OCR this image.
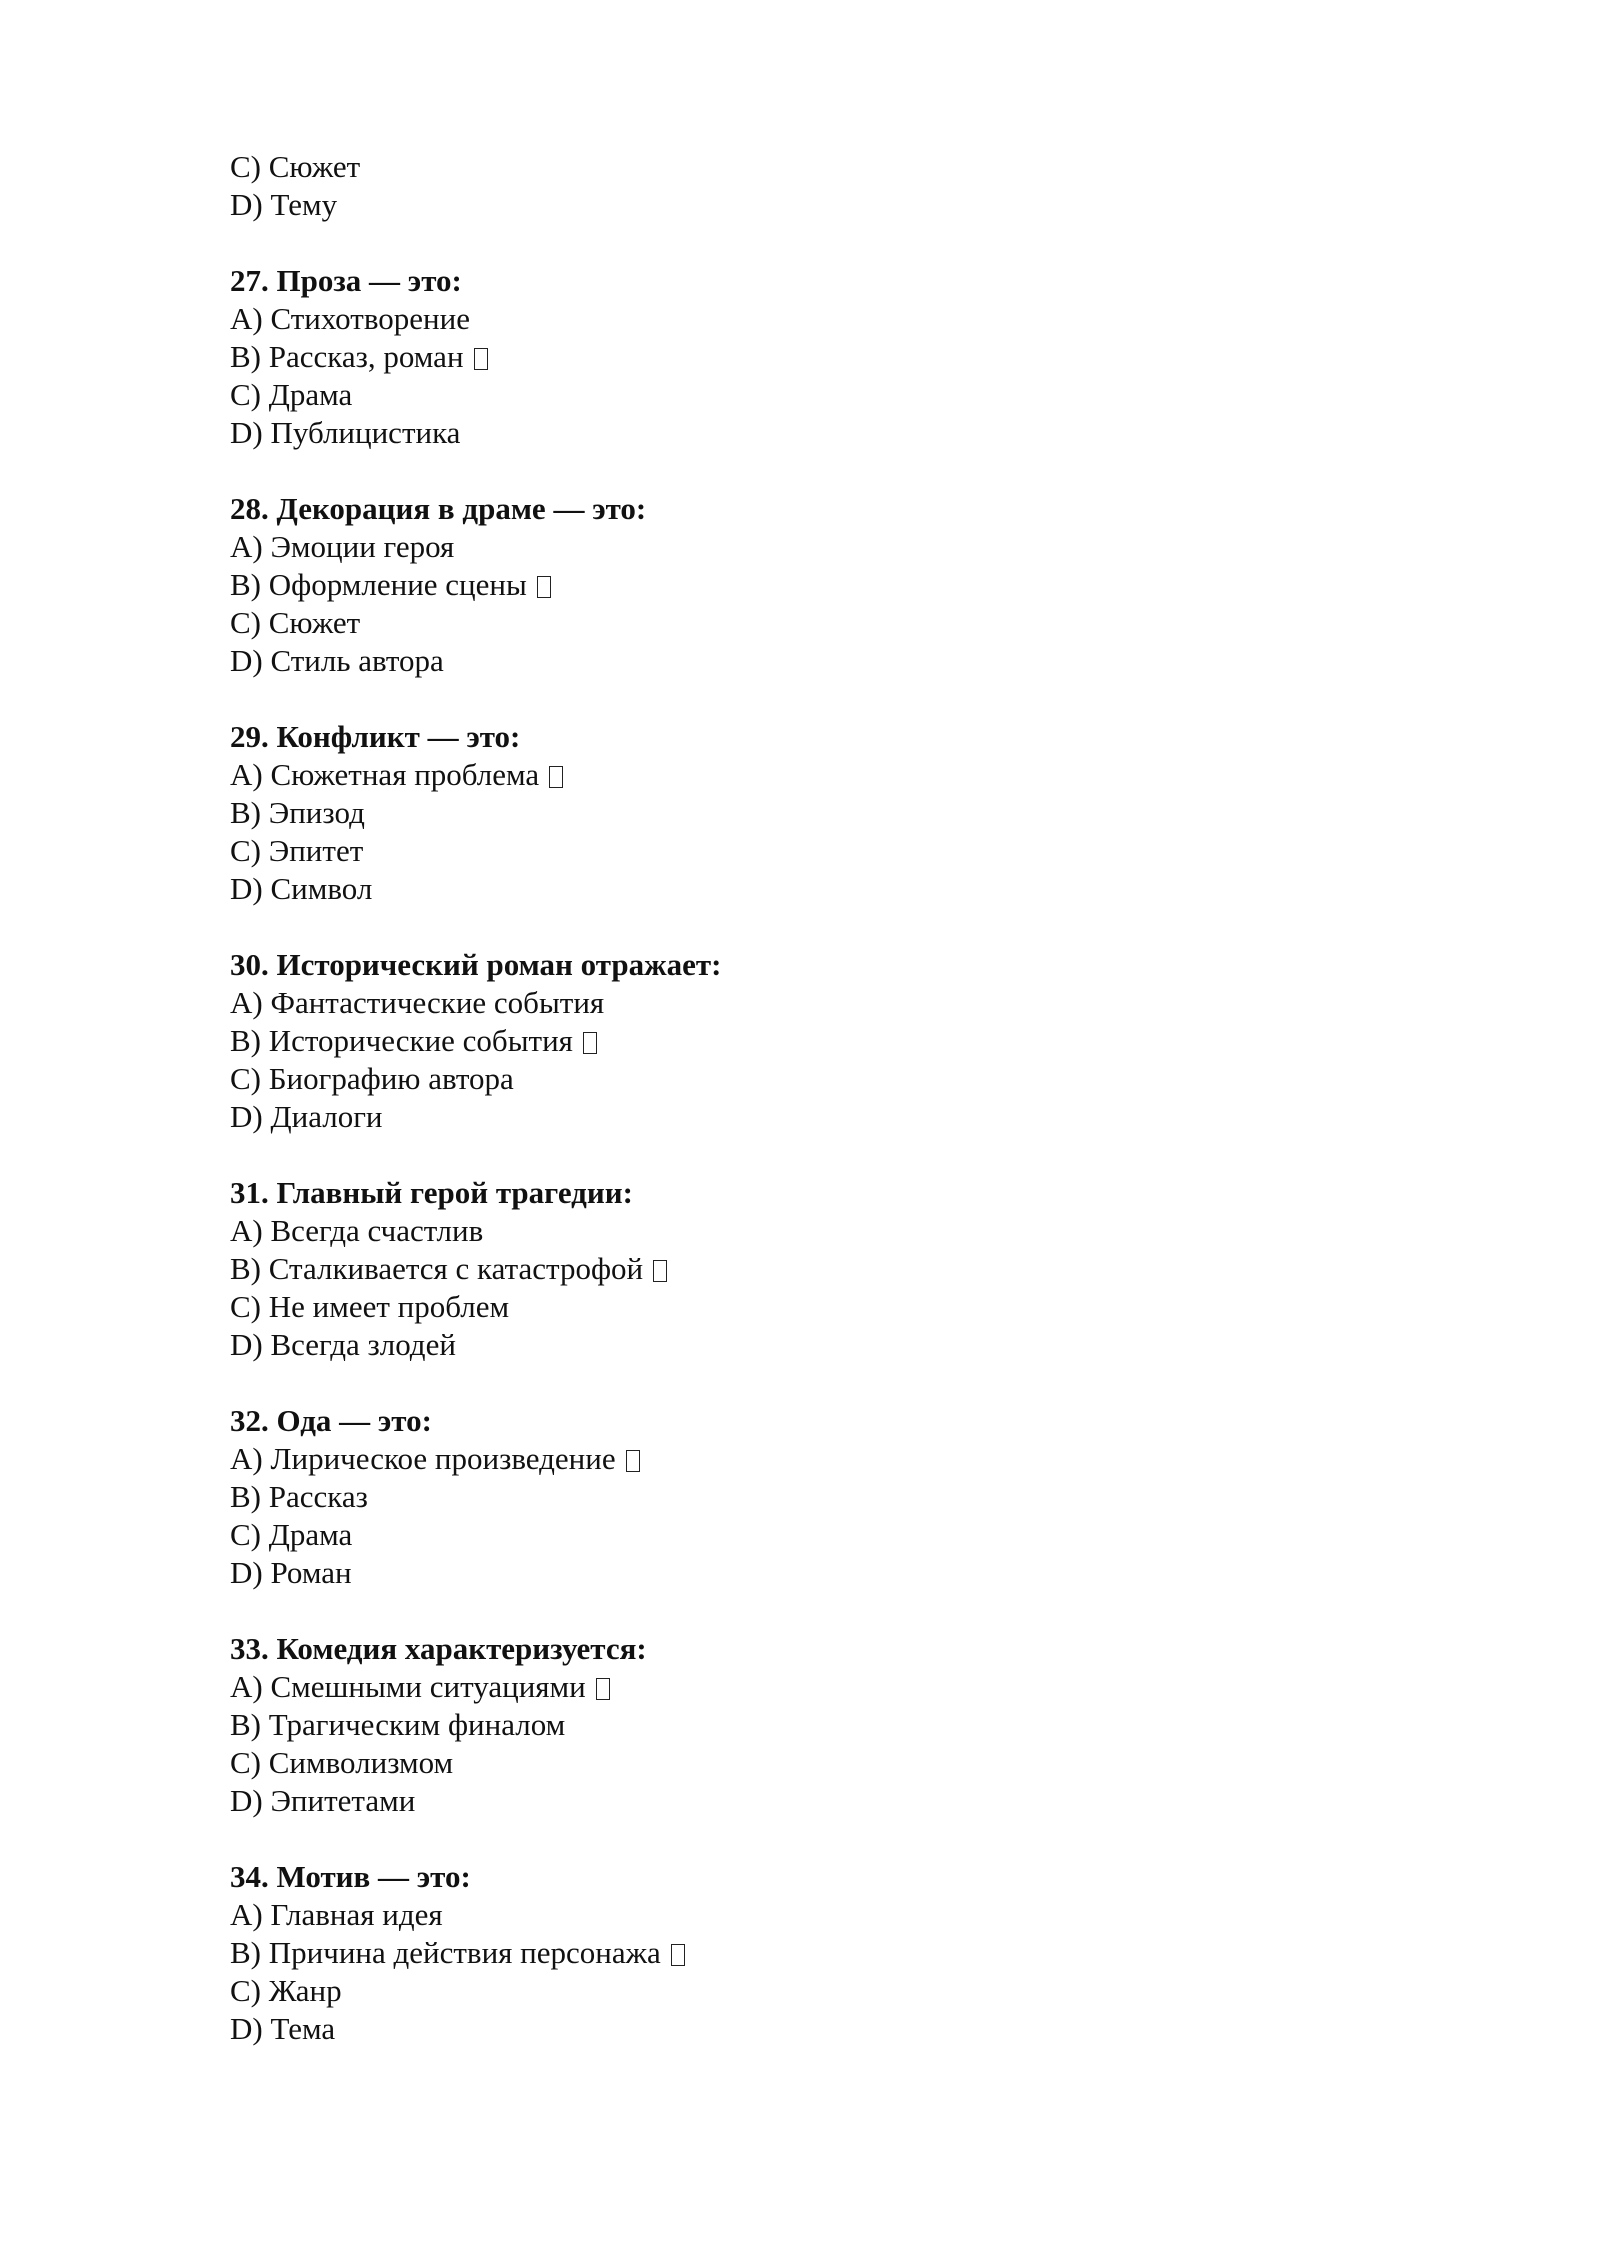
C) Сюжет
D) Тему
27. Проза — это:
A) Стихотворение
B) Рассказ, роман
C) Драма
D) Публицистика
28. Декорация в драме — это:
A) Эмоции героя
B) Оформление сцены
C) Сюжет
D) Стиль автора
29. Конфликт — это:
A) Сюжетная проблема
B) Эпизод
C) Эпитет
D) Символ
30. Исторический роман отражает:
A) Фантастические события
B) Исторические события
C) Биографию автора
D) Диалоги
31. Главный герой трагедии:
A) Всегда счастлив
B) Сталкивается с катастрофой
C) Не имеет проблем
D) Всегда злодей
32. Ода — это:
A) Лирическое произведение
B) Рассказ
C) Драма
D) Роман
33. Комедия характеризуется:
A) Смешными ситуациями
B) Трагическим финалом
C) Символизмом
D) Эпитетами
34. Мотив — это:
A) Главная идея
B) Причина действия персонажа
C) Жанр
D) Тема
